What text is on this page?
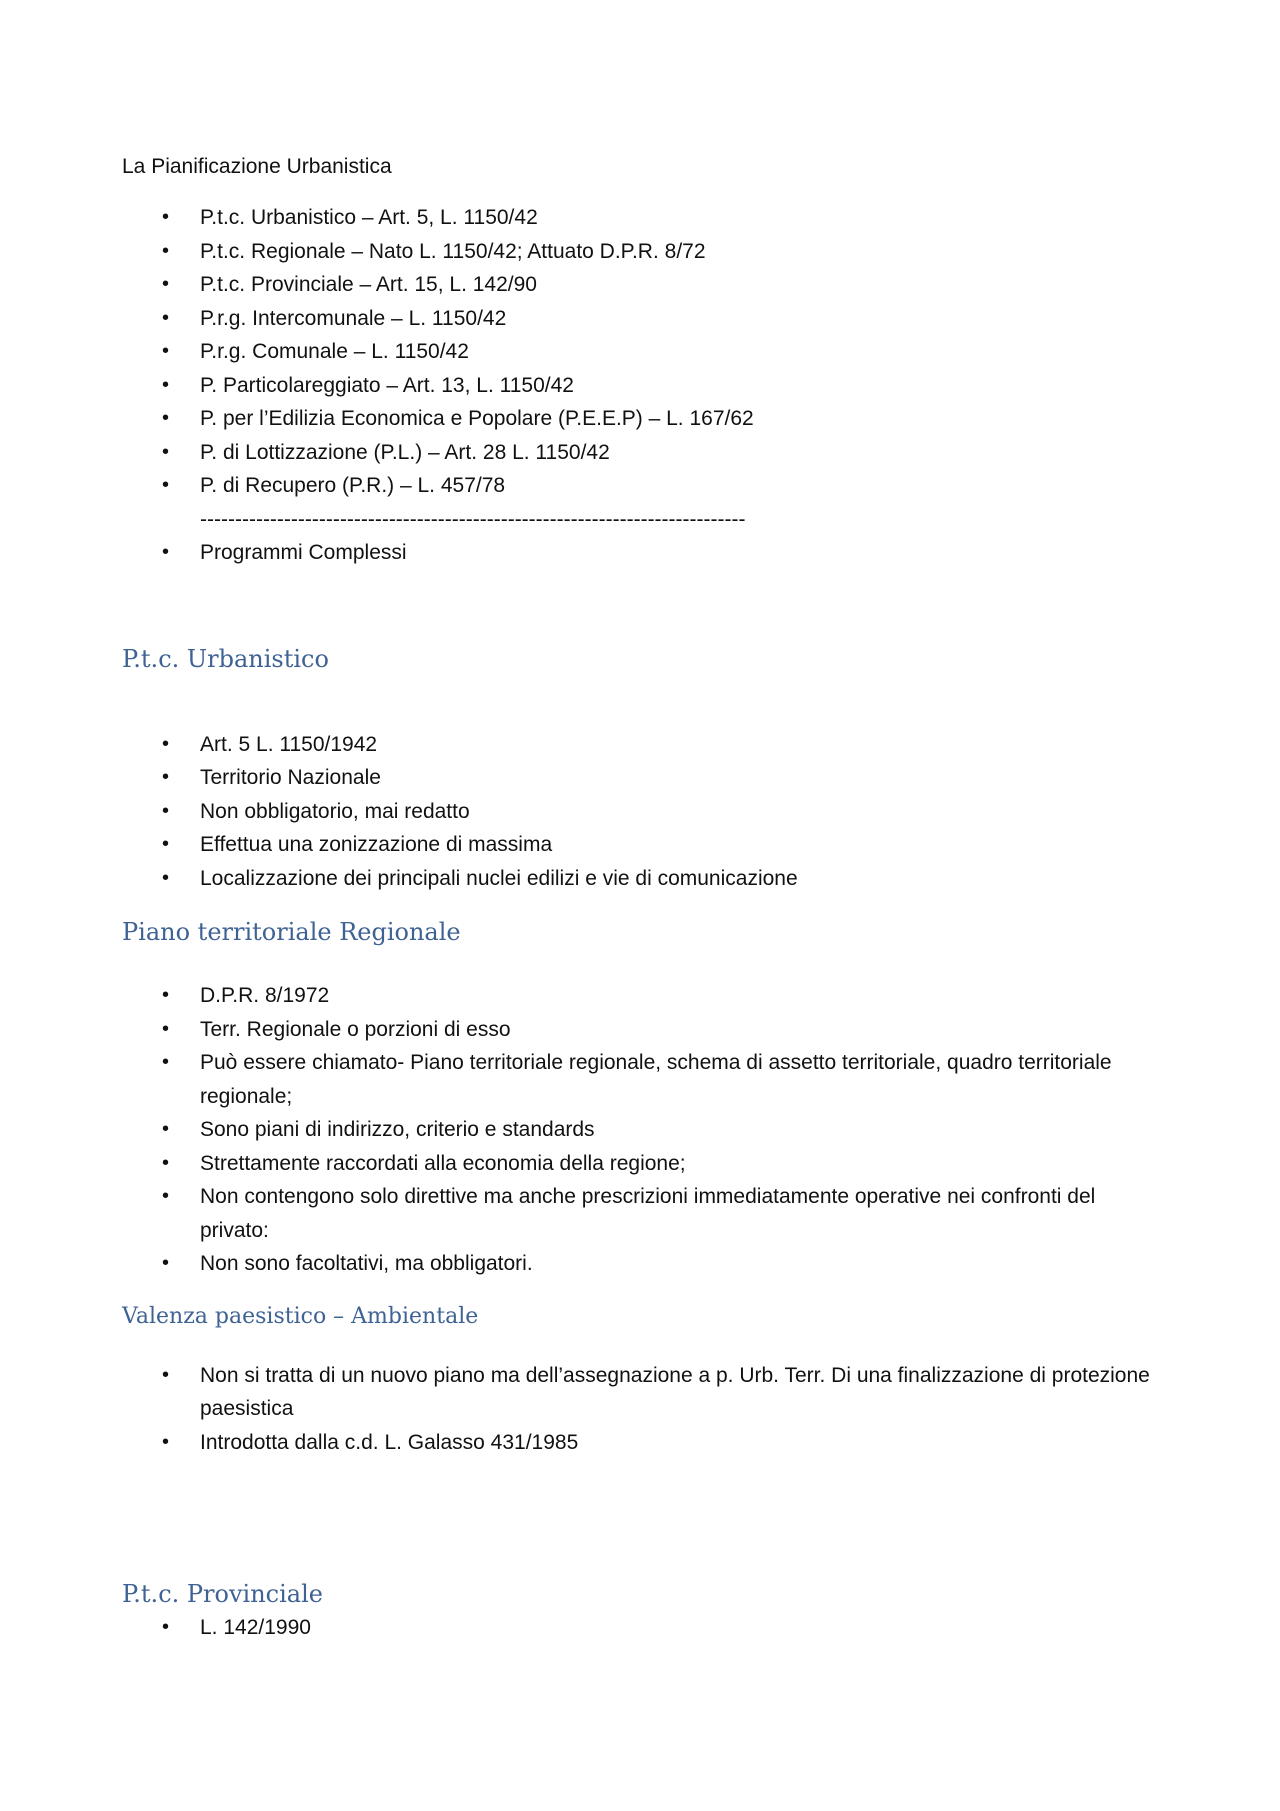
La Pianificazione Urbanistica

• P.t.c. Urbanistico – Art. 5, L. 1150/42
• P.t.c. Regionale – Nato L. 1150/42; Attuato D.P.R. 8/72
• P.t.c. Provinciale – Art. 15, L. 142/90
• P.r.g. Intercomunale – L. 1150/42
• P.r.g. Comunale – L. 1150/42
• P. Particolareggiato – Art. 13, L. 1150/42
• P. per l’Edilizia Economica e Popolare (P.E.E.P) – L. 167/62
• P. di Lottizzazione (P.L.) – Art. 28 L. 1150/42
• P. di Recupero (P.R.) – L. 457/78
------------------------------------------------------------------------------
• Programmi Complessi
P.t.c. Urbanistico
• Art. 5 L. 1150/1942
• Territorio Nazionale
• Non obbligatorio, mai redatto
• Effettua una zonizzazione di massima
• Localizzazione dei principali nuclei edilizi e vie di comunicazione
Piano territoriale Regionale
• D.P.R. 8/1972
• Terr. Regionale o porzioni di esso
• Può essere chiamato- Piano territoriale regionale, schema di assetto territoriale, quadro territoriale regionale;
• Sono piani di indirizzo, criterio e standards
• Strettamente raccordati alla economia della regione;
• Non contengono solo direttive ma anche prescrizioni immediatamente operative nei confronti del privato:
• Non sono facoltativi, ma obbligatori.
Valenza paesistico – Ambientale
• Non si tratta di un nuovo piano ma dell’assegnazione a p. Urb. Terr. Di una finalizzazione di protezione paesistica
• Introdotta dalla c.d. L. Galasso 431/1985
P.t.c. Provinciale
• L. 142/1990
